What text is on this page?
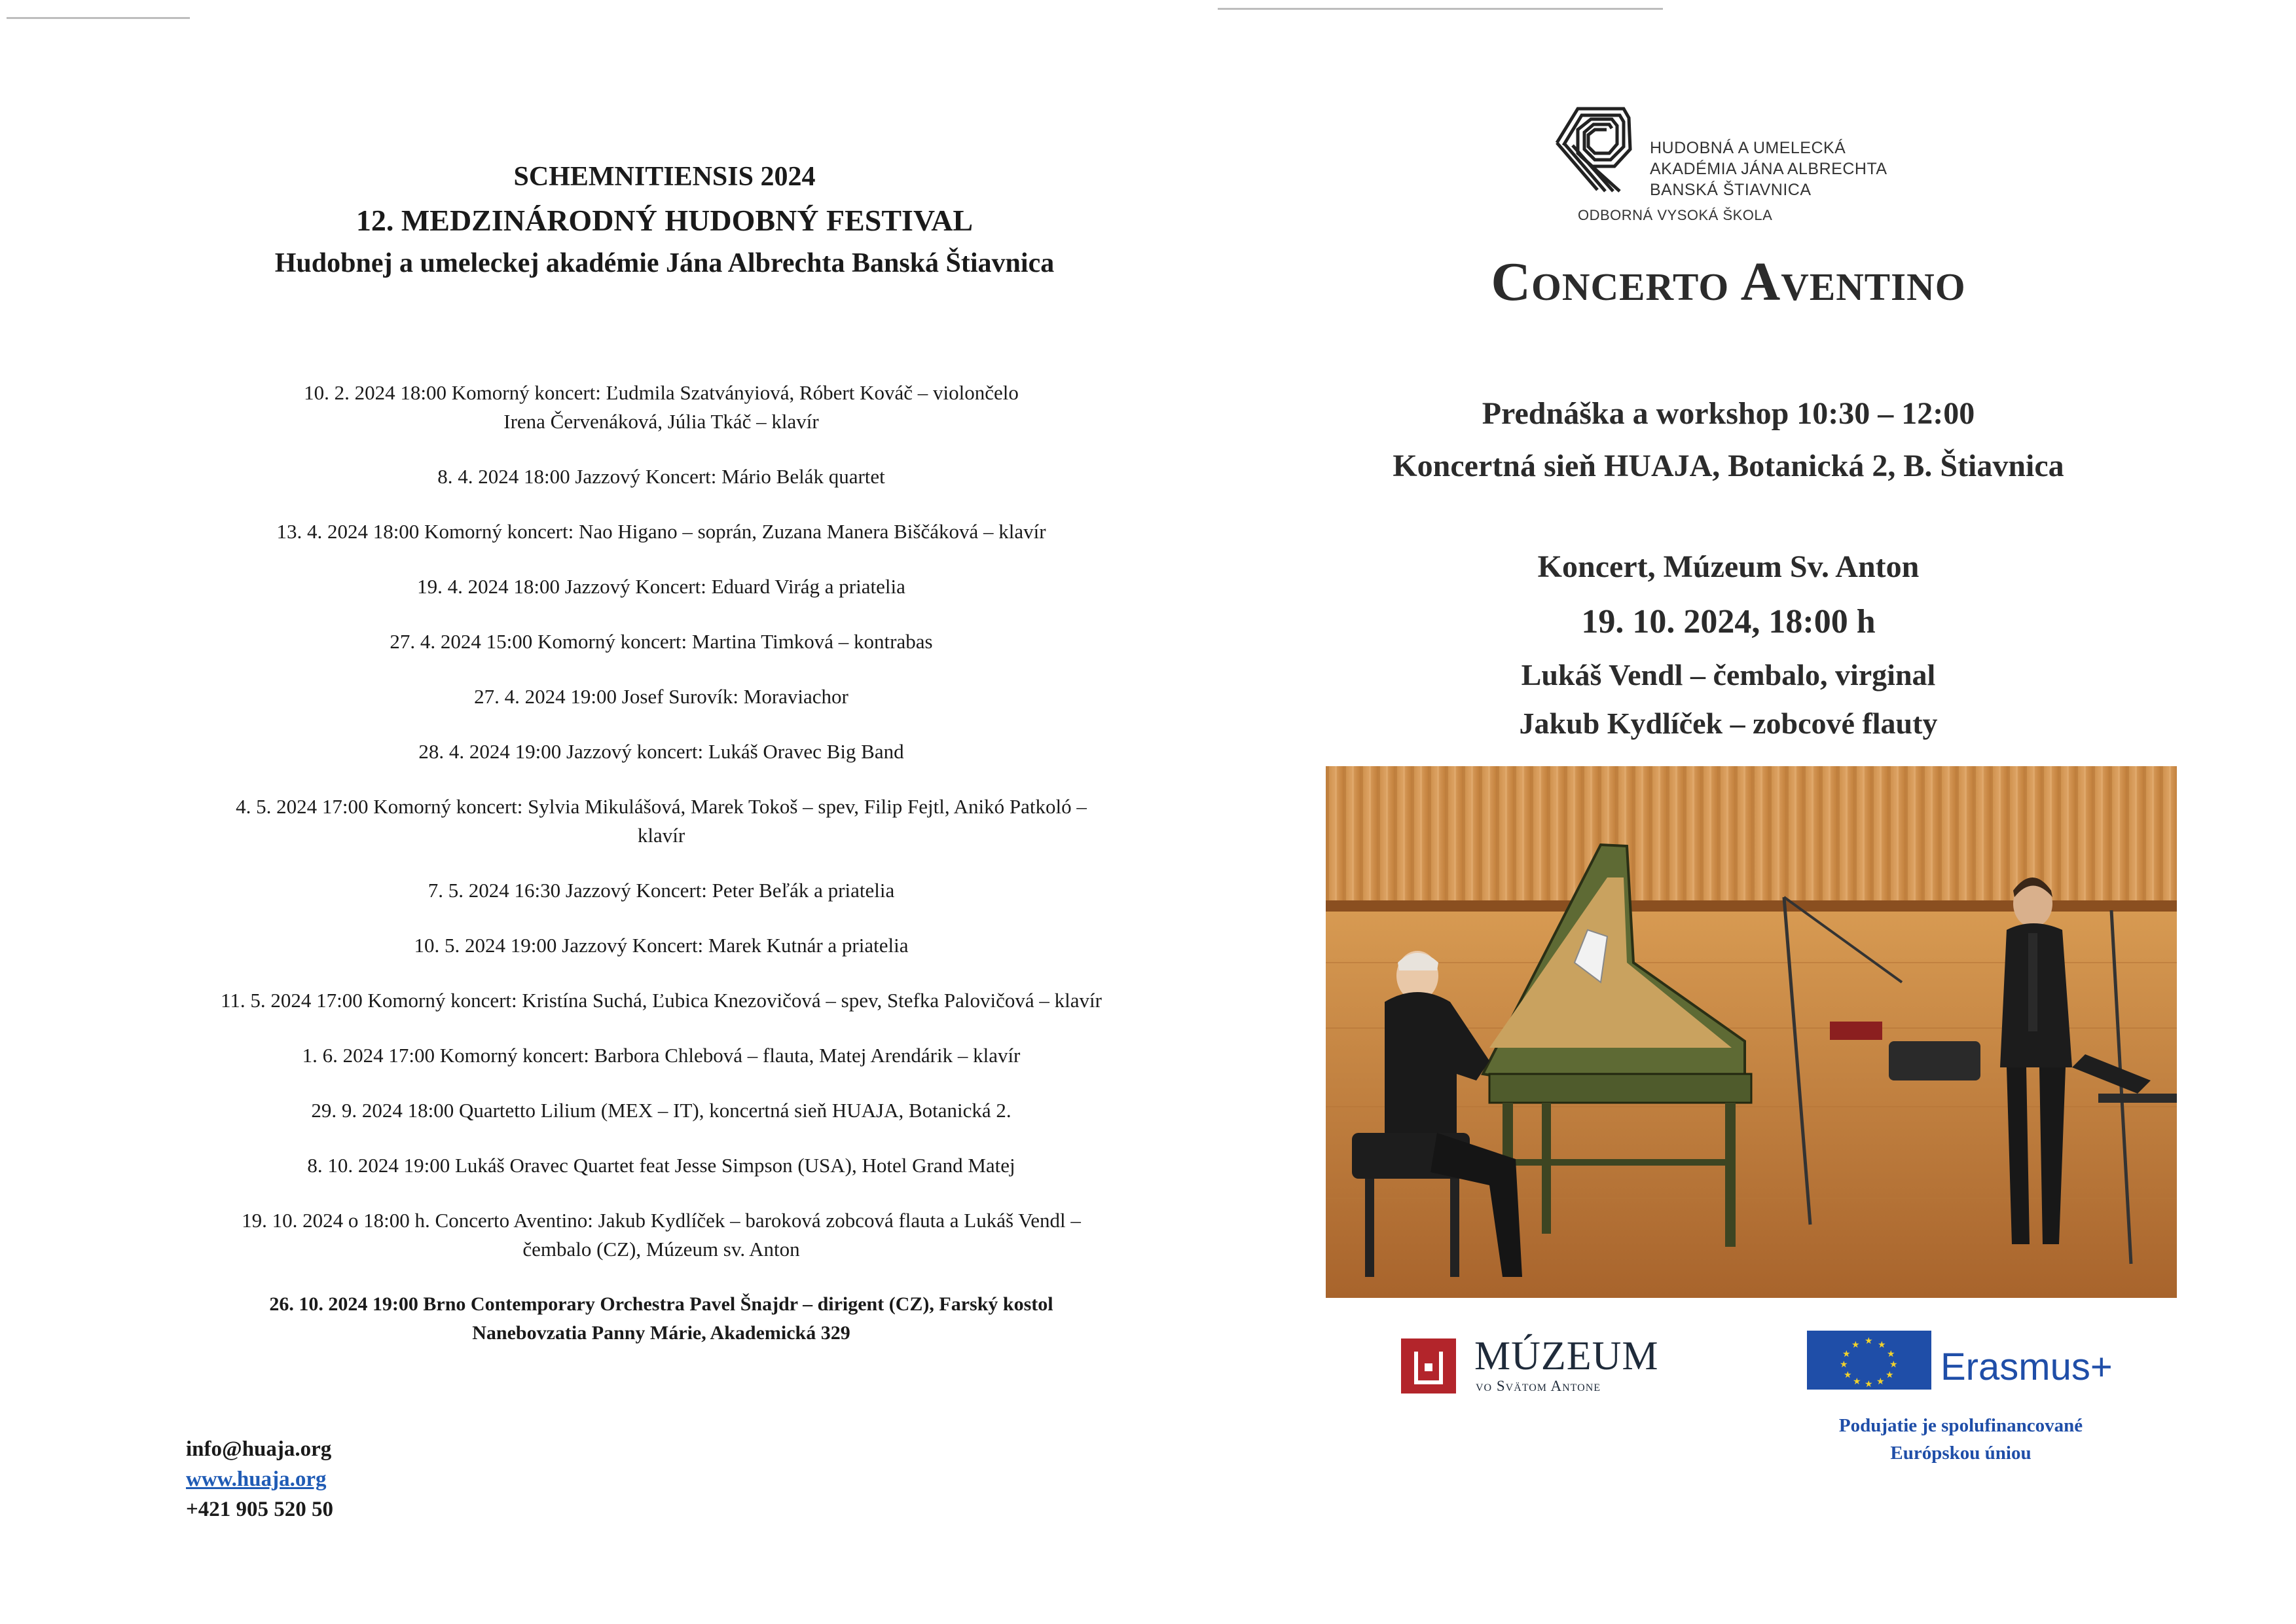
SCHEMNITIENSIS 2024
12. MEDZINÁRODNÝ HUDOBNÝ FESTIVAL
Hudobnej a umeleckej akadémie Jána Albrechta Banská Štiavnica
10. 2. 2024 18:00 Komorný koncert: Ľudmila Szatványiová, Róbert Kováč – violončelo
Irena Červenáková, Júlia Tkáč – klavír
8. 4. 2024 18:00 Jazzový Koncert: Mário Belák quartet
13. 4. 2024 18:00 Komorný koncert: Nao Higano – soprán, Zuzana Manera Biščáková – klavír
19. 4. 2024 18:00 Jazzový Koncert: Eduard Virág a priatelia
27. 4. 2024 15:00 Komorný koncert: Martina Timková – kontrabas
27. 4. 2024 19:00 Josef Surovík: Moraviachor
28. 4. 2024 19:00 Jazzový koncert: Lukáš Oravec Big Band
4. 5. 2024 17:00 Komorný koncert: Sylvia Mikulášová, Marek Tokoš – spev, Filip Fejtl, Anikó Patkoló –
klavír
7. 5. 2024 16:30 Jazzový Koncert: Peter Beľák a priatelia
10. 5. 2024 19:00 Jazzový Koncert: Marek Kutnár a priatelia
11. 5. 2024 17:00 Komorný koncert: Kristína Suchá, Ľubica Knezovičová – spev, Stefka Palovičová – klavír
1. 6. 2024 17:00 Komorný koncert: Barbora Chlebová – flauta, Matej Arendárik – klavír
29. 9. 2024 18:00 Quartetto Lilium (MEX – IT), koncertná sieň HUAJA, Botanická 2.
8. 10. 2024 19:00 Lukáš Oravec Quartet feat Jesse Simpson (USA), Hotel Grand Matej
19. 10. 2024 o 18:00 h. Concerto Aventino: Jakub Kydlíček – baroková zobcová flauta a Lukáš Vendl –
čembalo (CZ), Múzeum sv. Anton
26. 10. 2024 19:00 Brno Contemporary Orchestra Pavel Šnajdr – dirigent (CZ), Farský kostol
Nanebovzatia Panny Márie, Akademická 329
info@huaja.org
www.huaja.org
+421 905 520 50
HUDOBNÁ A UMELECKÁ
AKADÉMIA JÁNA ALBRECHTA
BANSKÁ ŠTIAVNICA
ODBORNÁ VYSOKÁ ŠKOLA
Concerto Aventino
Prednáška a workshop 10:30 – 12:00
Koncertná sieň HUAJA, Botanická 2, B. Štiavnica
Koncert, Múzeum Sv. Anton
19. 10. 2024, 18:00 h
Lukáš Vendl – čembalo, virginal
Jakub Kydlíček – zobcové flauty
MÚZEUM
vo Svätom Antone
★ ★
★
★
★
★
★
★
★
★
★
★
Erasmus+
Podujatie je spolufinancované
Európskou úniou
